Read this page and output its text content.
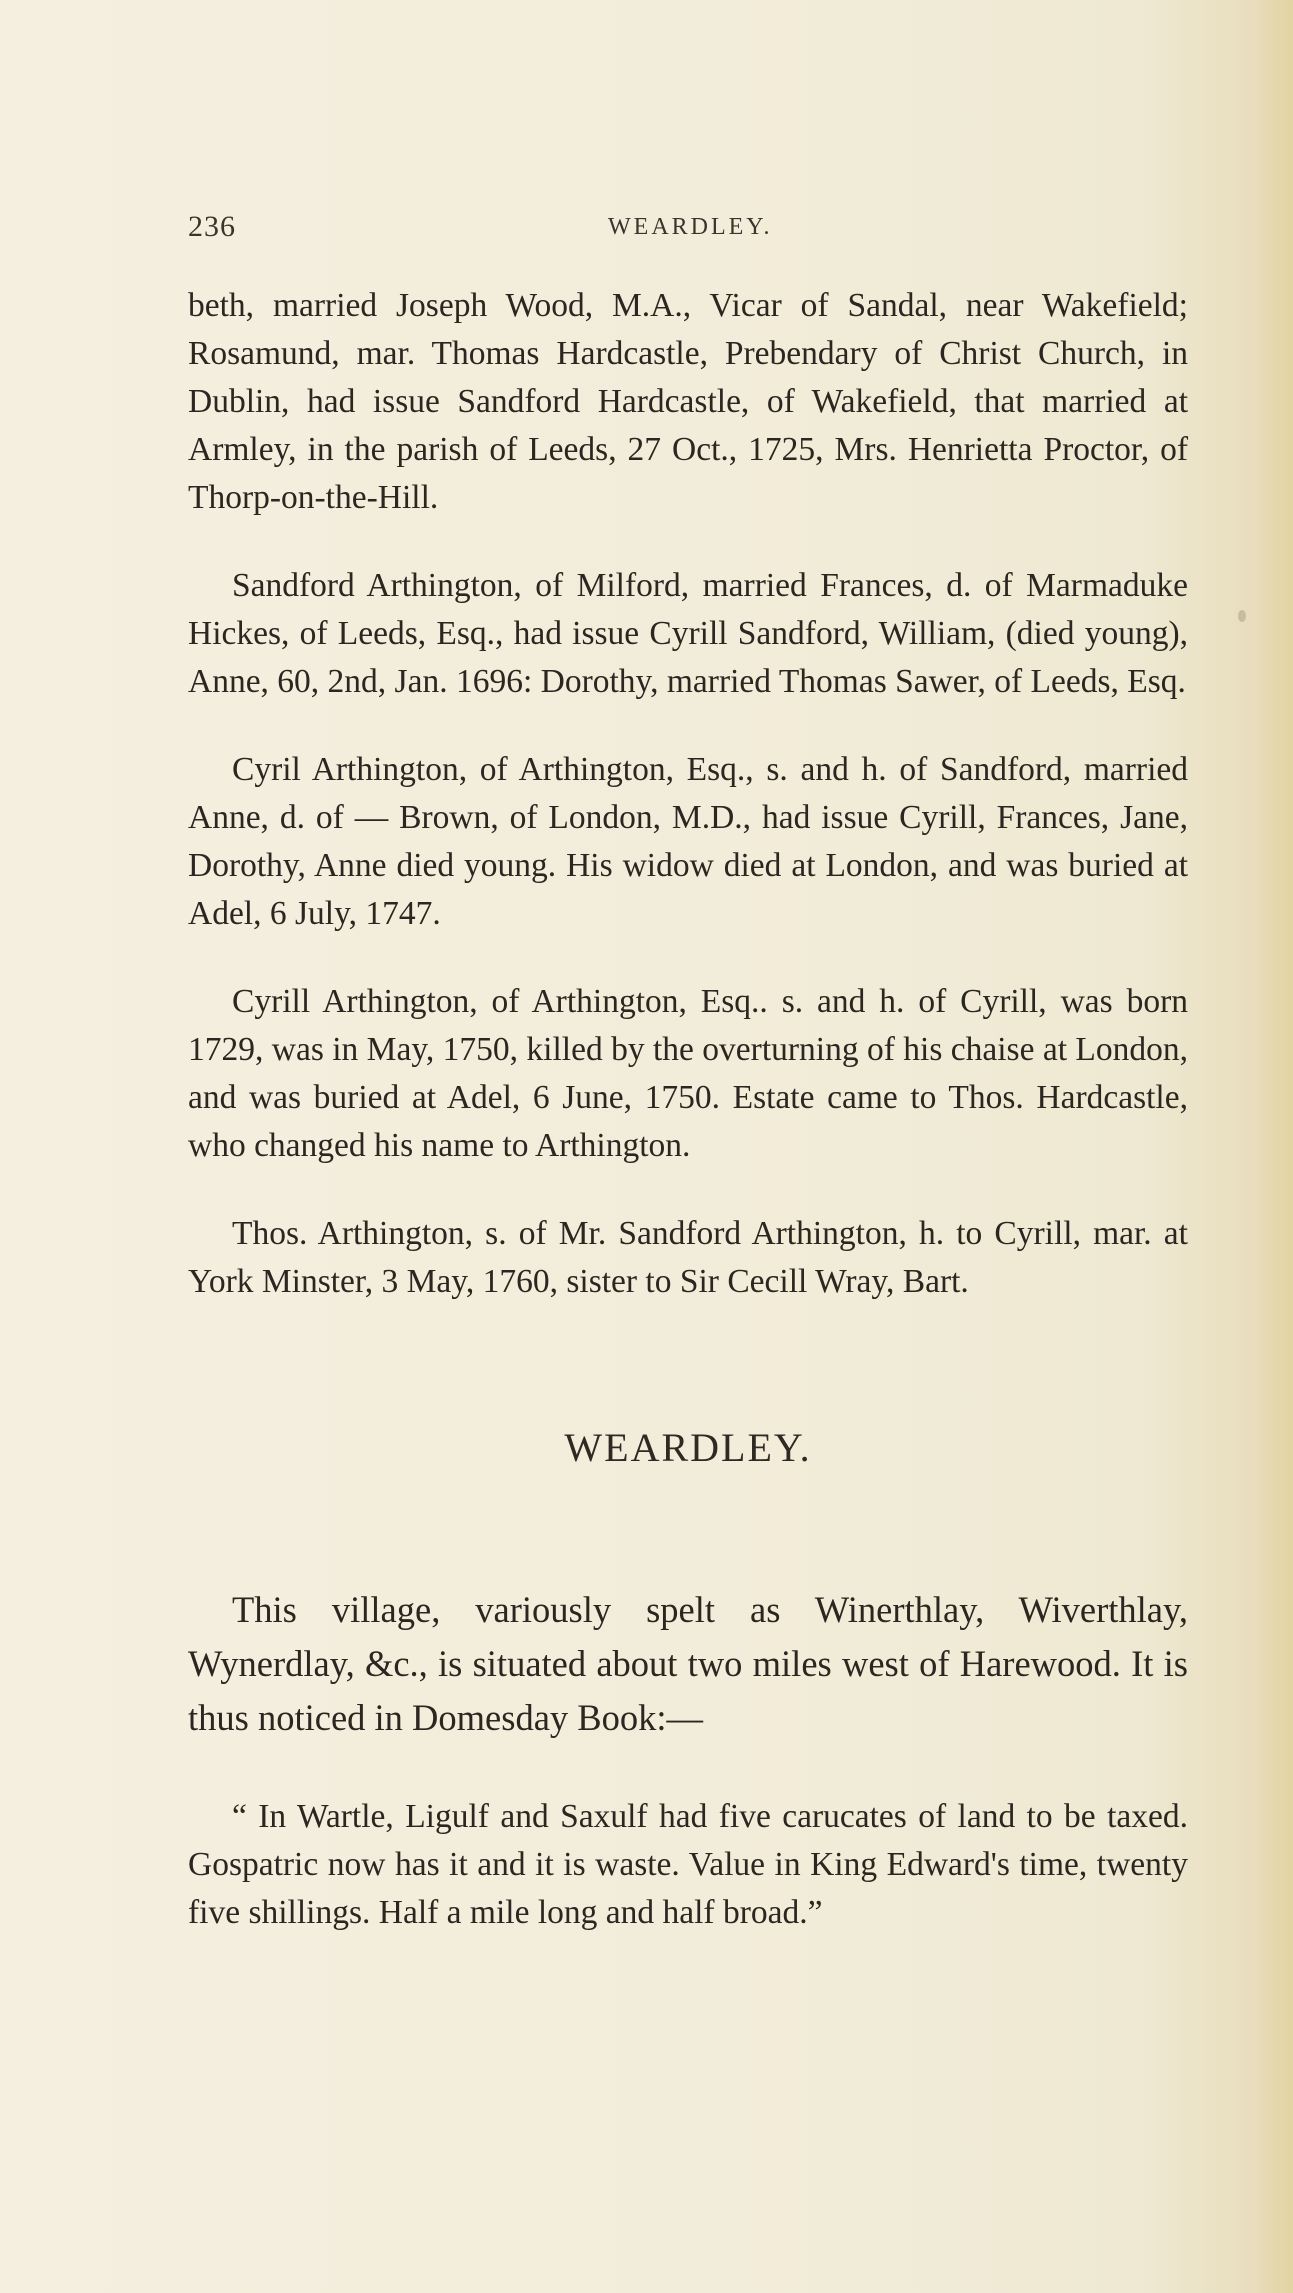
236	WEARDLEY.

beth, married Joseph Wood, M.A., Vicar of Sandal, near Wakefield; Rosamund, mar. Thomas Hardcastle, Prebendary of Christ Church, in Dublin, had issue Sandford Hardcastle, of Wakefield, that married at Armley, in the parish of Leeds, 27 Oct., 1725, Mrs. Henrietta Proctor, of Thorp-on-the-Hill.

Sandford Arthington, of Milford, married Frances, d. of Marmaduke Hickes, of Leeds, Esq., had issue Cyrill Sandford, William, (died young), Anne, 60, 2nd, Jan. 1696: Dorothy, married Thomas Sawer, of Leeds, Esq.

Cyril Arthington, of Arthington, Esq., s. and h. of Sandford, married Anne, d. of — Brown, of London, M.D., had issue Cyrill, Frances, Jane, Dorothy, Anne died young. His widow died at London, and was buried at Adel, 6 July, 1747.

Cyrill Arthington, of Arthington, Esq.. s. and h. of Cyrill, was born 1729, was in May, 1750, killed by the overturning of his chaise at London, and was buried at Adel, 6 June, 1750. Estate came to Thos. Hardcastle, who changed his name to Arthington.

Thos. Arthington, s. of Mr. Sandford Arthington, h. to Cyrill, mar. at York Minster, 3 May, 1760, sister to Sir Cecill Wray, Bart.

WEARDLEY.

This village, variously spelt as Winerthlay, Wiverthlay, Wynerdlay, &c., is situated about two miles west of Harewood. It is thus noticed in Domesday Book:—

“ In Wartle, Ligulf and Saxulf had five carucates of land to be taxed. Gospatric now has it and it is waste. Value in King Edward's time, twenty five shillings. Half a mile long and half broad.”
